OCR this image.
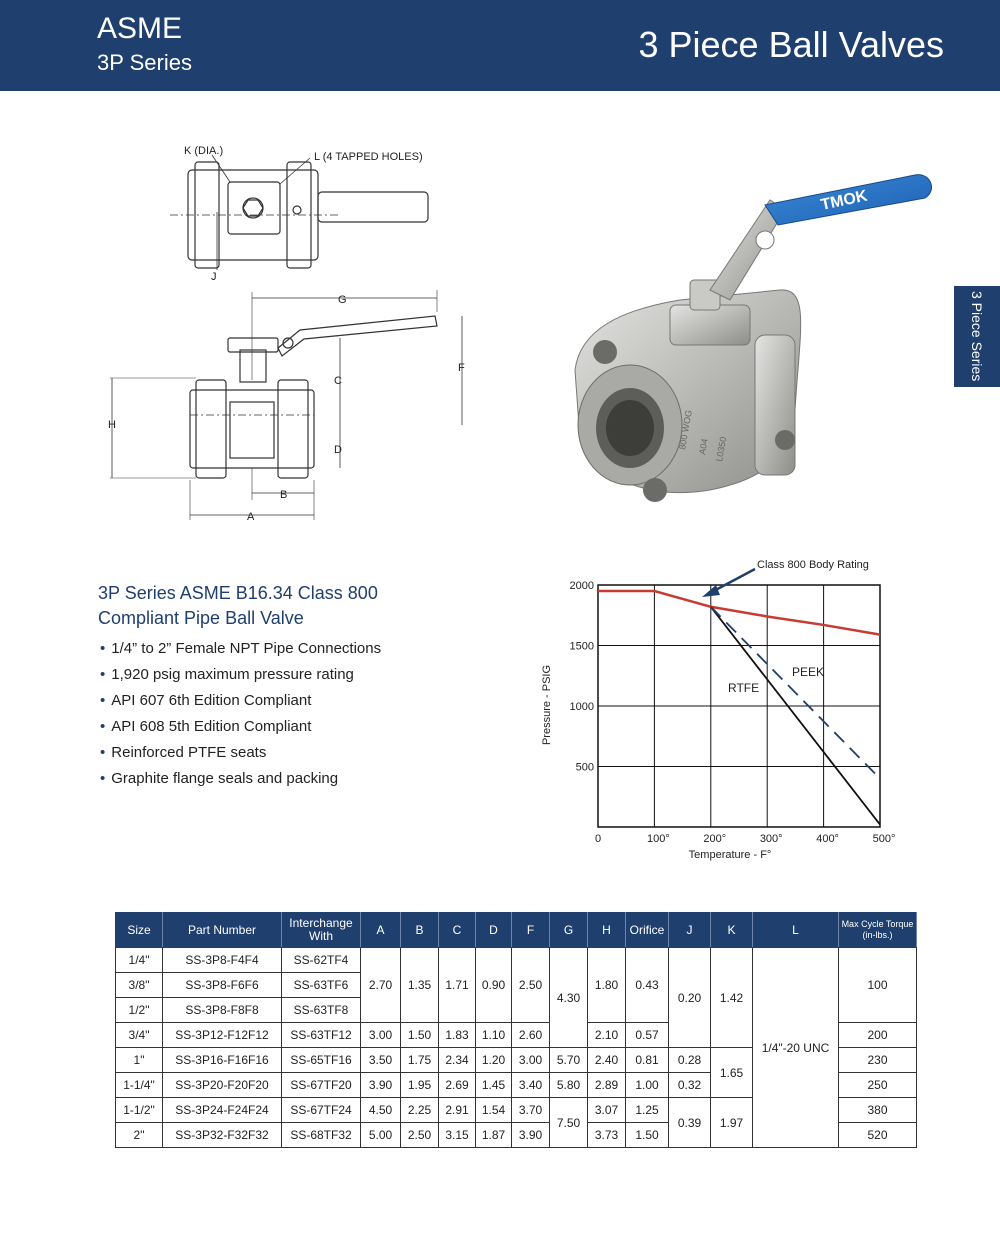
ASME
3P Series	3 Piece Ball Valves
3 Piece Series
K (DIA.)	L (4 TAPPED HOLES)
J
G
F
C
H
D
B
A
TMOK
A04 L0350
800 WOG
3P Series ASME B16.34 Class 800 Compliant Pipe Ball Valve
• 1/4” to 2” Female NPT Pipe Connections
• 1,920 psig maximum pressure rating
• API 607 6th Edition Compliant
• API 608 5th Edition Compliant
• Reinforced PTFE seats
• Graphite flange seals and packing
0	100°	200°	300°	400°	500°
500
1000
1500
2000
Class 800 Body Rating
Temperature - F°
Pressure - PSIG	RTFE
PEEK
Size	Part Number	Interchange With	A	B	C	D	F	G	H	Orifice	J	K	L	Max Cycle Torque (in-lbs.)
1/4"	SS-3P8-F4F4	SS-62TF4	2.70	1.35	1.71	0.90	2.50	4.30	1.80	0.43	0.20	1.42	1/4"-20 UNC	100
3/8"	SS-3P8-F6F6	SS-63TF6												
1/2"	SS-3P8-F8F8	SS-63TF8												
3/4"	SS-3P12-F12F12	SS-63TF12	3.00	1.50	1.83	1.10	2.60		2.10	0.57				200
1"	SS-3P16-F16F16	SS-65TF16	3.50	1.75	2.34	1.20	3.00	5.70	2.40	0.81	0.28	1.65		230
1-1/4"	SS-3P20-F20F20	SS-67TF20	3.90	1.95	2.69	1.45	3.40	5.80	2.89	1.00	0.32			250
1-1/2"	SS-3P24-F24F24	SS-67TF24	4.50	2.25	2.91	1.54	3.70	7.50	3.07	1.25	0.39	1.97		380
2"	SS-3P32-F32F32	SS-68TF32	5.00	2.50	3.15	1.87	3.90		3.73	1.50				520
